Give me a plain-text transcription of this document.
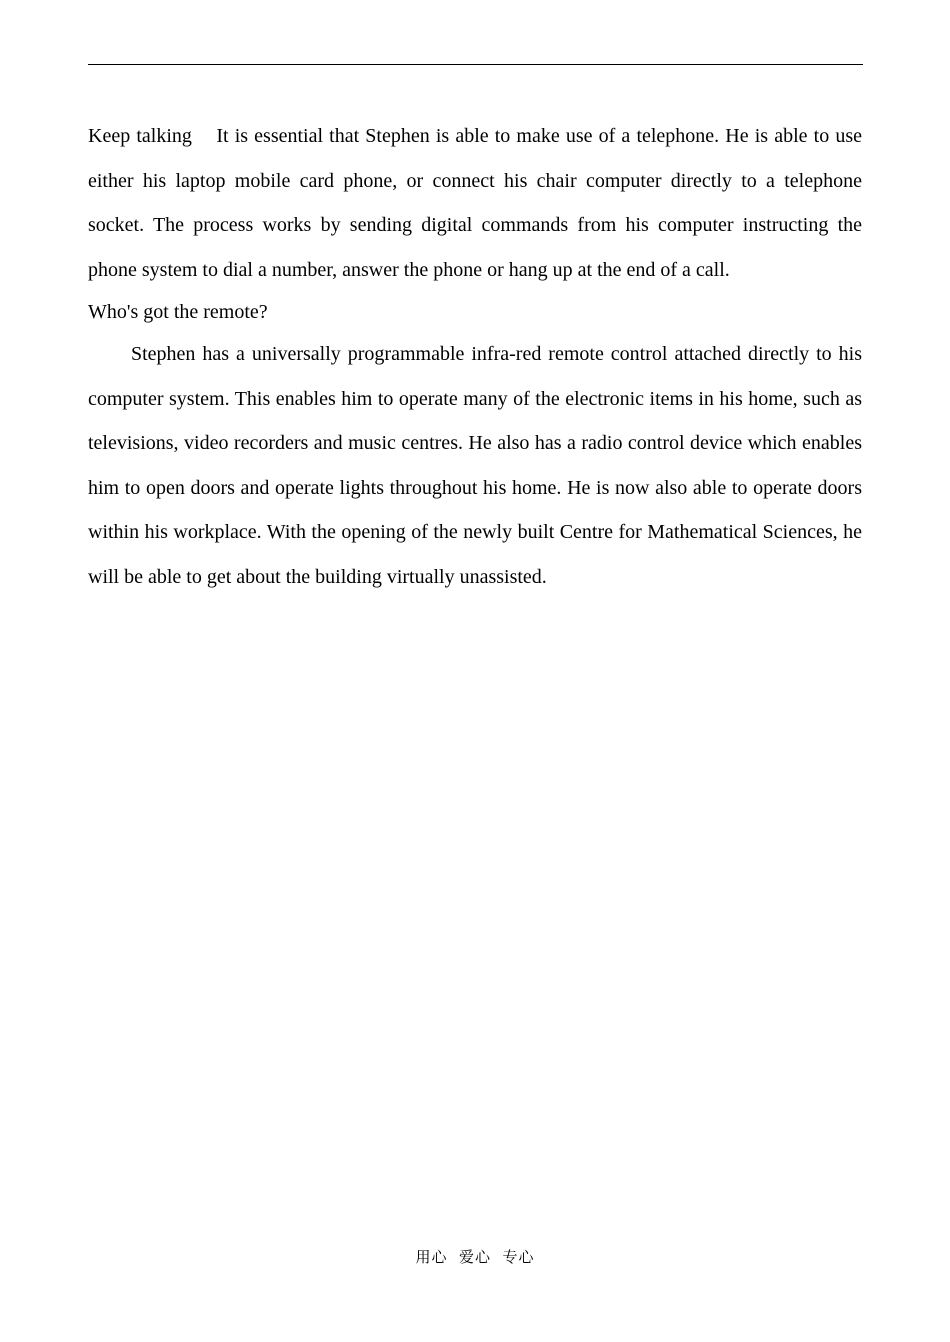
Keep talking It is essential that Stephen is able to make use of a telephone. He is able to use either his laptop mobile card phone, or connect his chair computer directly to a telephone socket. The process works by sending digital commands from his computer instructing the phone system to dial a number, answer the phone or hang up at the end of a call.

Who's got the remote?

Stephen has a universally programmable infra-red remote control attached directly to his computer system. This enables him to operate many of the electronic items in his home, such as televisions, video recorders and music centres. He also has a radio control device which enables him to open doors and operate lights throughout his home. He is now also able to operate doors within his workplace. With the opening of the newly built Centre for Mathematical Sciences, he will be able to get about the building virtually unassisted.

用心  爱心  专心
